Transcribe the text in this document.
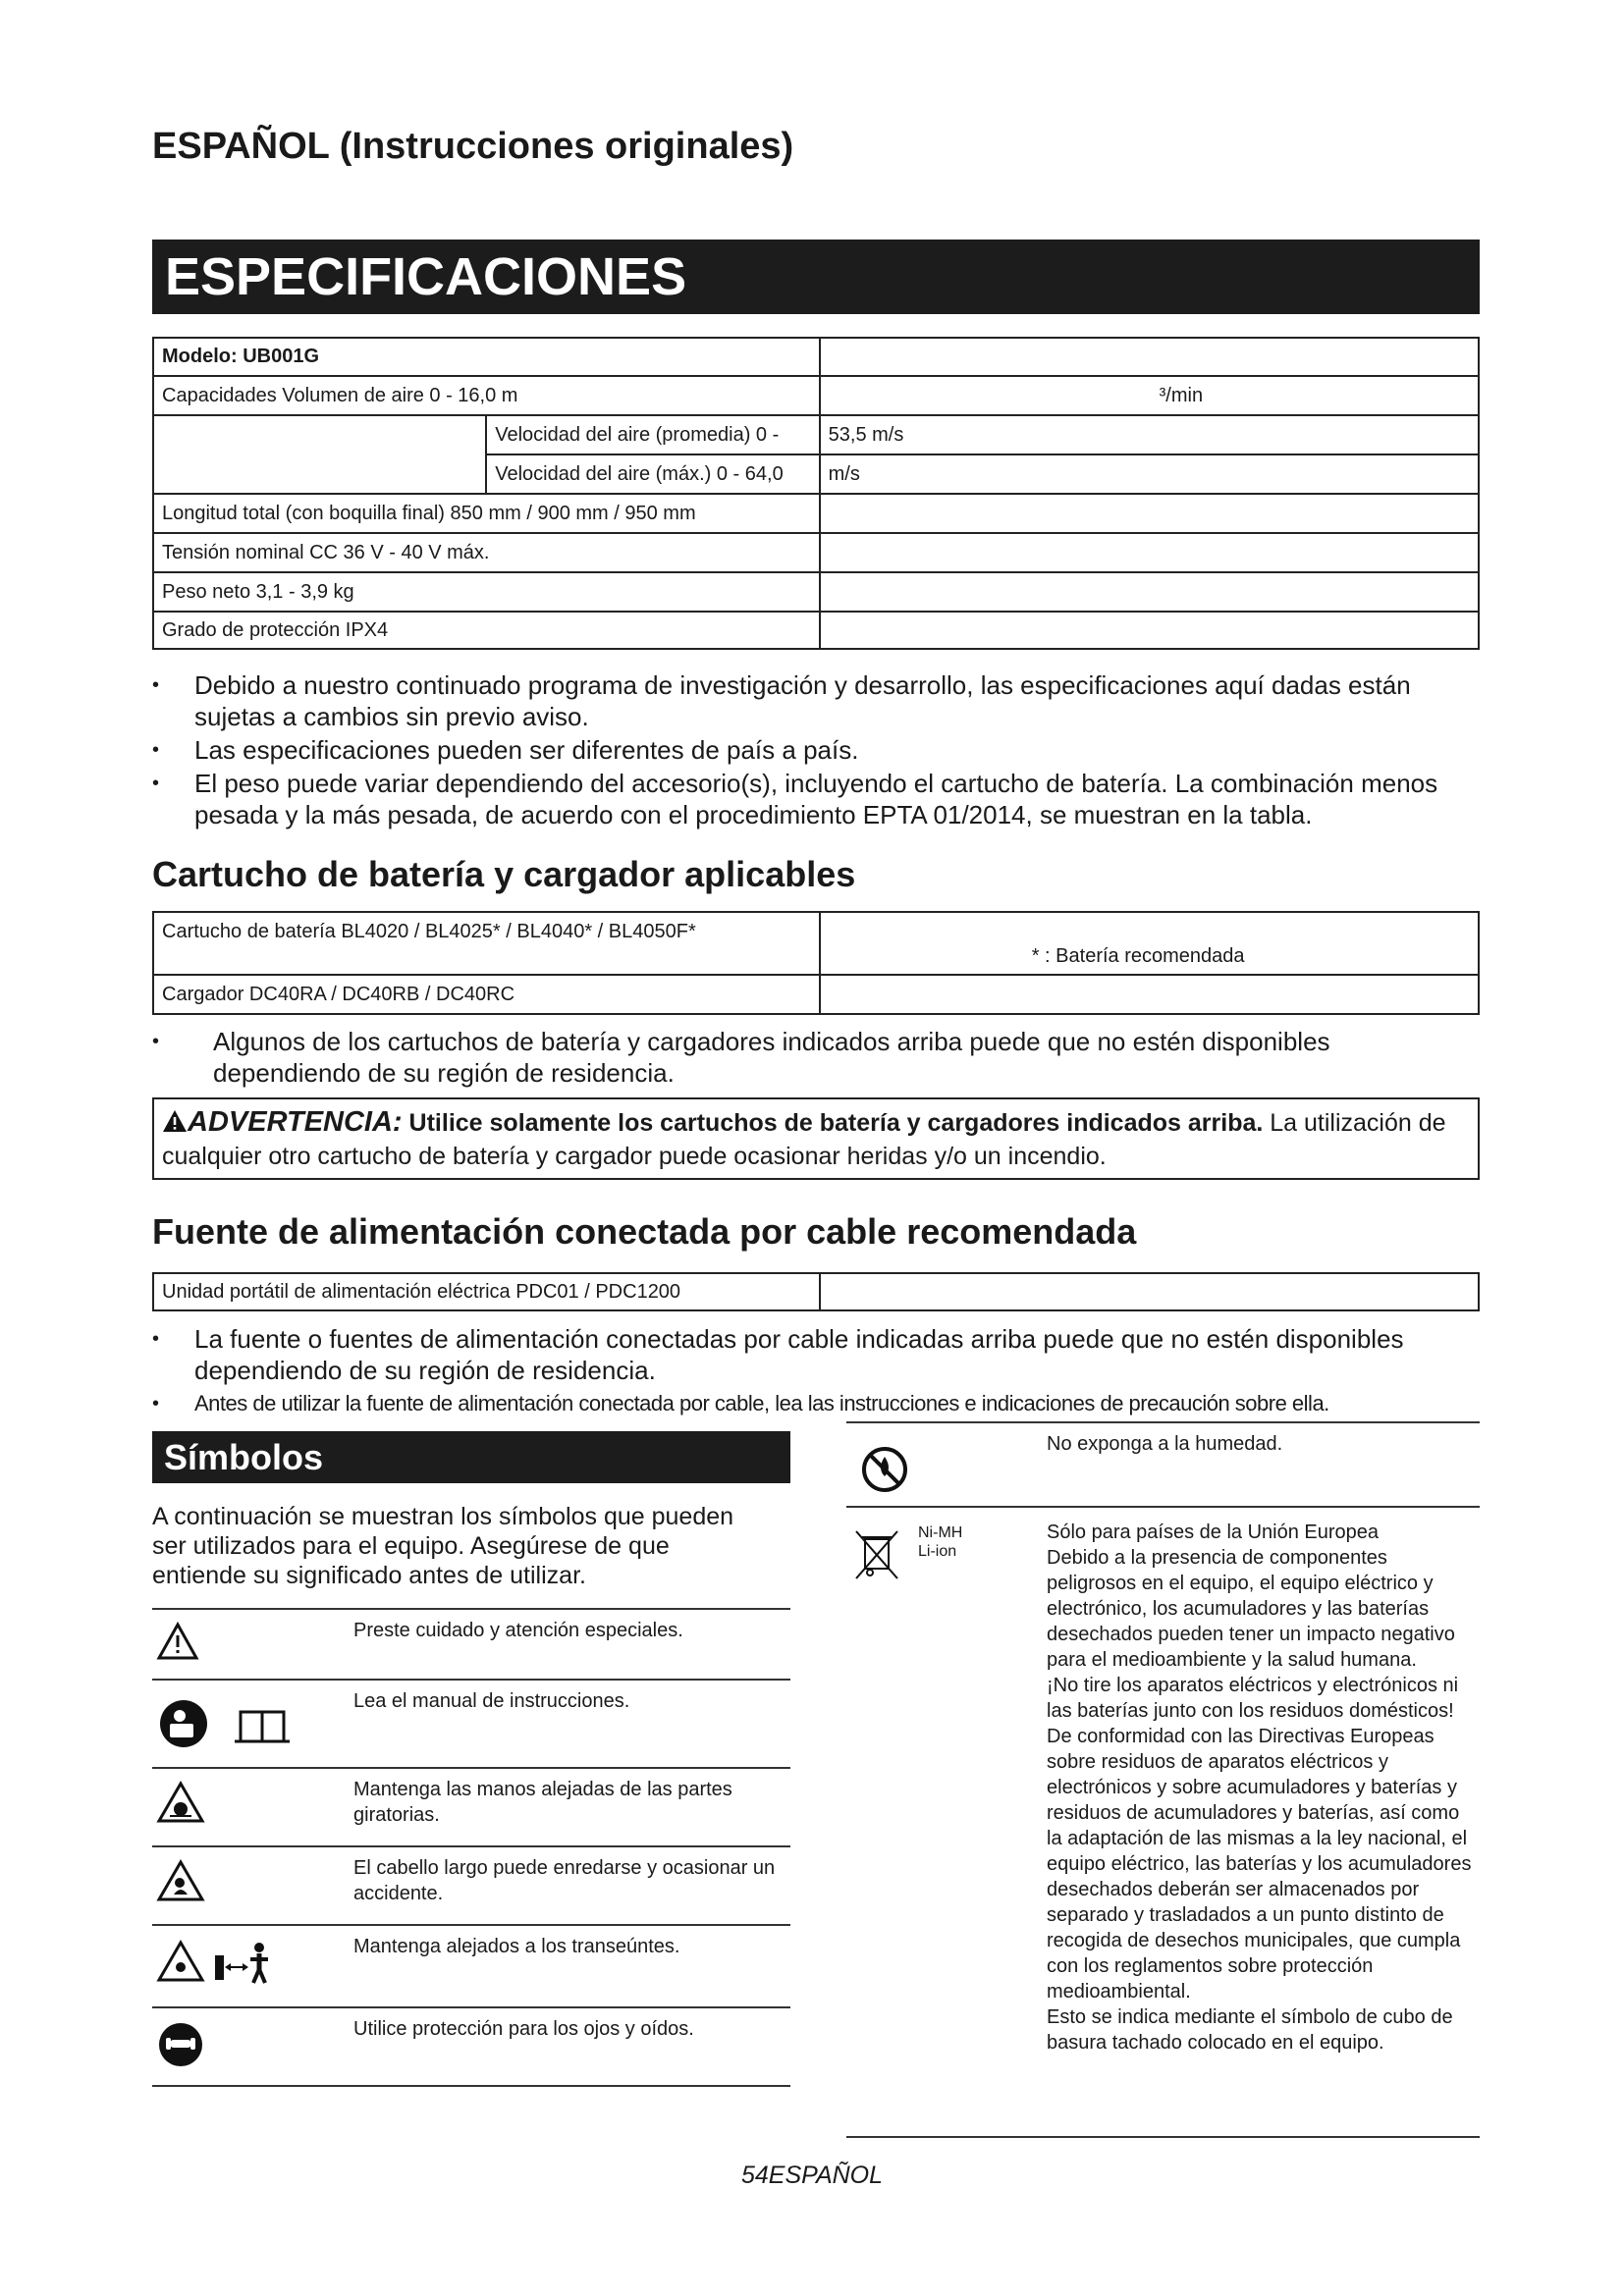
ESPAÑOL (Instrucciones originales)
ESPECIFICACIONES
Modelo: UB001G		
Capacidades Volumen de aire 0 - 16,0 m		³/min
	Velocidad del aire (promedia) 0 -	53,5 m/s
	Velocidad del aire (máx.) 0 - 64,0	m/s
Longitud total (con boquilla final) 850 mm / 900 mm / 950 mm		
Tensión nominal CC 36 V - 40 V máx.		
Peso neto 3,1 - 3,9 kg		
Grado de protección IPX4		
• Debido a nuestro continuado programa de investigación y desarrollo, las especificaciones aquí dadas están sujetas a cambios sin previo aviso.
• Las especificaciones pueden ser diferentes de país a país.
• El peso puede variar dependiendo del accesorio(s), incluyendo el cartucho de batería. La combinación menos pesada y la más pesada, de acuerdo con el procedimiento EPTA 01/2014, se muestran en la tabla.
Cartucho de batería y cargador aplicables
Cartucho de batería BL4020 / BL4025* / BL4040* / BL4050F*	* : Batería recomendada
Cargador DC40RA / DC40RB / DC40RC	
• Algunos de los cartuchos de batería y cargadores indicados arriba puede que no estén disponibles dependiendo de su región de residencia.
ADVERTENCIA: Utilice solamente los cartuchos de batería y cargadores indicados arriba. La utilización de cualquier otro cartucho de batería y cargador puede ocasionar heridas y/o un incendio.
Fuente de alimentación conectada por cable recomendada
Unidad portátil de alimentación eléctrica PDC01 / PDC1200	
• La fuente o fuentes de alimentación conectadas por cable indicadas arriba puede que no estén disponibles dependiendo de su región de residencia.
• Antes de utilizar la fuente de alimentación conectada por cable, lea las instrucciones e indicaciones de precaución sobre ella.
Símbolos
A continuación se muestran los símbolos que pueden ser utilizados para el equipo. Asegúrese de que entiende su significado antes de utilizar.
Preste cuidado y atención especiales.
Lea el manual de instrucciones.
Mantenga las manos alejadas de las partes giratorias.
El cabello largo puede enredarse y ocasionar un accidente.
Mantenga alejados a los transeúntes.
Utilice protección para los ojos y oídos.
No exponga a la humedad.
Ni-MH
Li-ion
Sólo para países de la Unión Europea
Debido a la presencia de componentes peligrosos en el equipo, el equipo eléctrico y electrónico, los acumuladores y las baterías desechados pueden tener un impacto negativo para el medioambiente y la salud humana.
¡No tire los aparatos eléctricos y electrónicos ni las baterías junto con los residuos domésticos!
De conformidad con las Directivas Europeas sobre residuos de aparatos eléctricos y electrónicos y sobre acumuladores y baterías y residuos de acumuladores y baterías, así como la adaptación de las mismas a la ley nacional, el equipo eléctrico, las baterías y los acumuladores desechados deberán ser almacenados por separado y trasladados a un punto distinto de recogida de desechos municipales, que cumpla con los reglamentos sobre protección medioambiental.
Esto se indica mediante el símbolo de cubo de basura tachado colocado en el equipo.
54ESPAÑOL
